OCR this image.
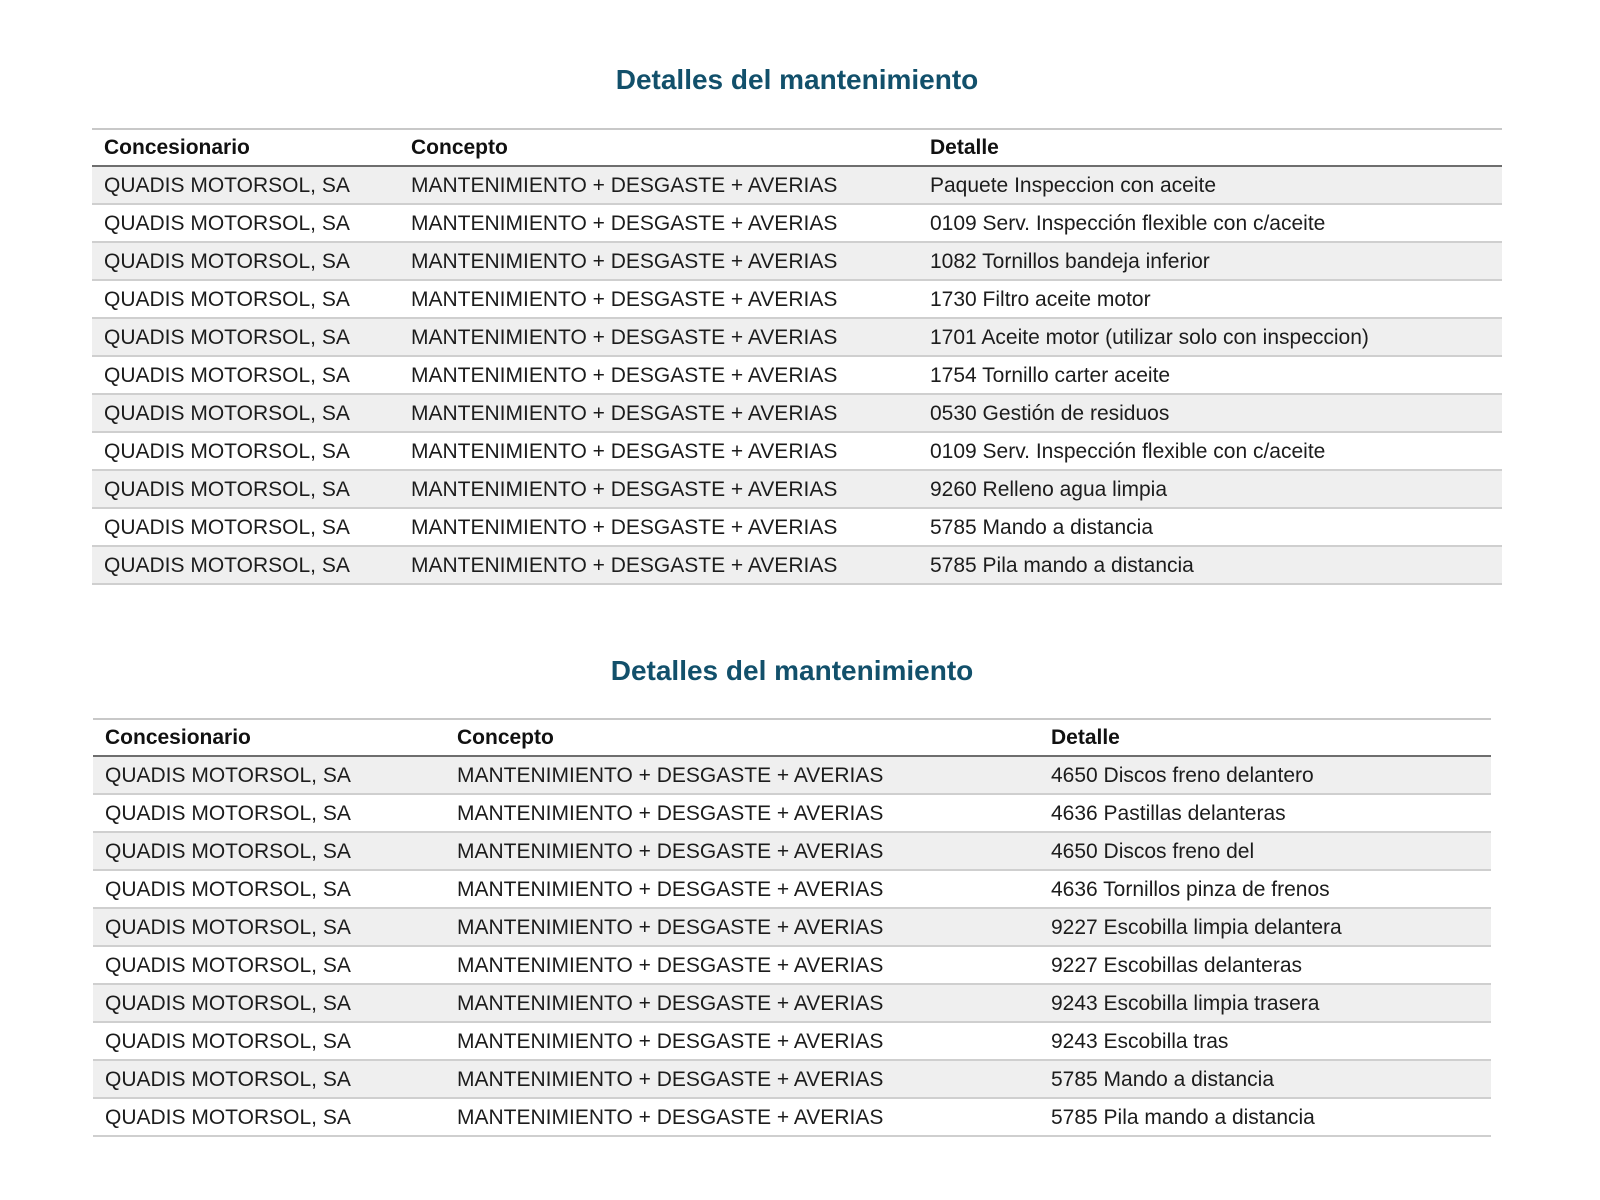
Detalles del mantenimiento
Concesionario	Concepto	Detalle
QUADIS MOTORSOL, SA	MANTENIMIENTO + DESGASTE + AVERIAS	Paquete Inspeccion con aceite
QUADIS MOTORSOL, SA	MANTENIMIENTO + DESGASTE + AVERIAS	0109 Serv. Inspección flexible con c/aceite
QUADIS MOTORSOL, SA	MANTENIMIENTO + DESGASTE + AVERIAS	1082 Tornillos bandeja inferior
QUADIS MOTORSOL, SA	MANTENIMIENTO + DESGASTE + AVERIAS	1730 Filtro aceite motor
QUADIS MOTORSOL, SA	MANTENIMIENTO + DESGASTE + AVERIAS	1701 Aceite motor (utilizar solo con inspeccion)
QUADIS MOTORSOL, SA	MANTENIMIENTO + DESGASTE + AVERIAS	1754 Tornillo carter aceite
QUADIS MOTORSOL, SA	MANTENIMIENTO + DESGASTE + AVERIAS	0530 Gestión de residuos
QUADIS MOTORSOL, SA	MANTENIMIENTO + DESGASTE + AVERIAS	0109 Serv. Inspección flexible con c/aceite
QUADIS MOTORSOL, SA	MANTENIMIENTO + DESGASTE + AVERIAS	9260 Relleno agua limpia
QUADIS MOTORSOL, SA	MANTENIMIENTO + DESGASTE + AVERIAS	5785 Mando a distancia
QUADIS MOTORSOL, SA	MANTENIMIENTO + DESGASTE + AVERIAS	5785 Pila mando a distancia
Detalles del mantenimiento
Concesionario	Concepto	Detalle
QUADIS MOTORSOL, SA	MANTENIMIENTO + DESGASTE + AVERIAS	4650 Discos freno delantero
QUADIS MOTORSOL, SA	MANTENIMIENTO + DESGASTE + AVERIAS	4636 Pastillas delanteras
QUADIS MOTORSOL, SA	MANTENIMIENTO + DESGASTE + AVERIAS	4650 Discos freno del
QUADIS MOTORSOL, SA	MANTENIMIENTO + DESGASTE + AVERIAS	4636 Tornillos pinza de frenos
QUADIS MOTORSOL, SA	MANTENIMIENTO + DESGASTE + AVERIAS	9227 Escobilla limpia delantera
QUADIS MOTORSOL, SA	MANTENIMIENTO + DESGASTE + AVERIAS	9227 Escobillas delanteras
QUADIS MOTORSOL, SA	MANTENIMIENTO + DESGASTE + AVERIAS	9243 Escobilla limpia trasera
QUADIS MOTORSOL, SA	MANTENIMIENTO + DESGASTE + AVERIAS	9243 Escobilla tras
QUADIS MOTORSOL, SA	MANTENIMIENTO + DESGASTE + AVERIAS	5785 Mando a distancia
QUADIS MOTORSOL, SA	MANTENIMIENTO + DESGASTE + AVERIAS	5785 Pila mando a distancia
